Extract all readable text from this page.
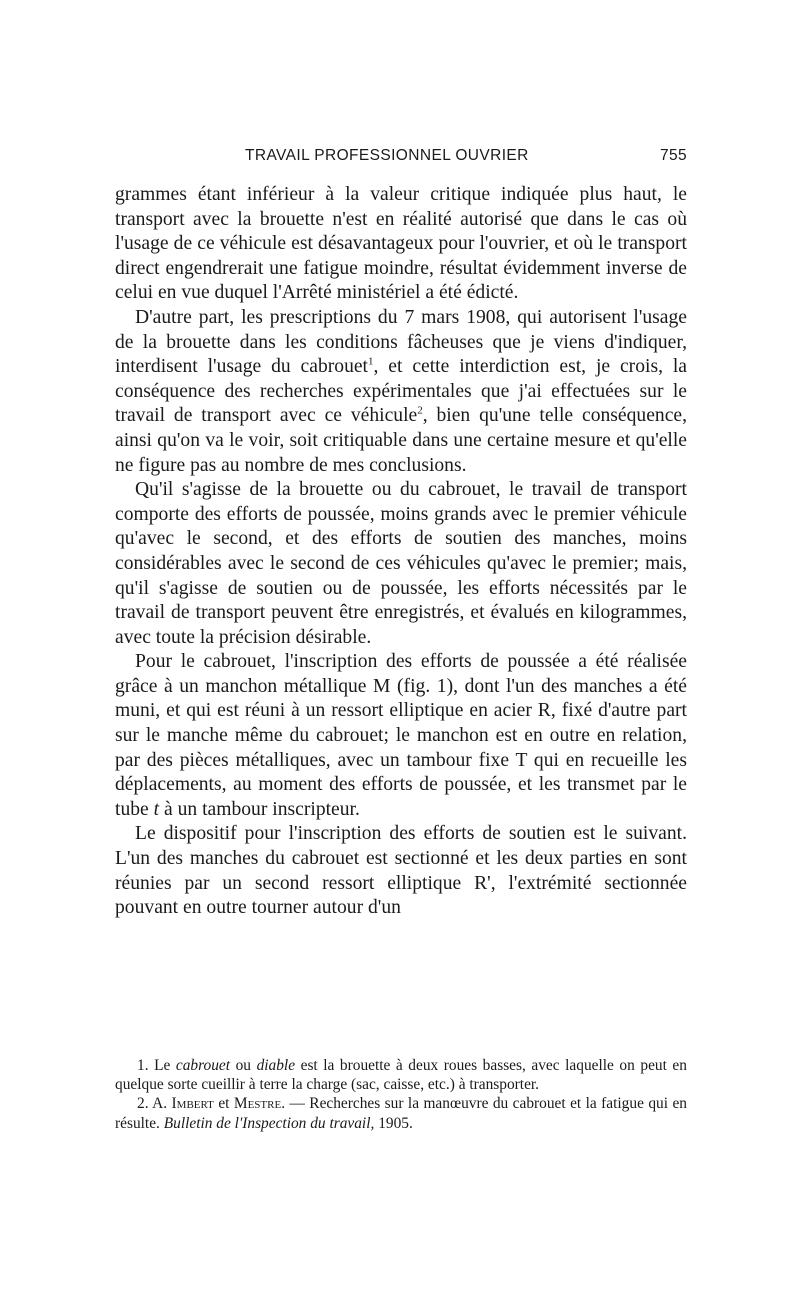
TRAVAIL PROFESSIONNEL OUVRIER	755

grammes étant inférieur à la valeur critique indiquée plus haut, le transport avec la brouette n'est en réalité autorisé que dans le cas où l'usage de ce véhicule est désavantageux pour l'ouvrier, et où le transport direct engendrerait une fatigue moindre, résultat évidemment inverse de celui en vue duquel l'Arrêté ministériel a été édicté.

D'autre part, les prescriptions du 7 mars 1908, qui autorisent l'usage de la brouette dans les conditions fâcheuses que je viens d'indiquer, interdisent l'usage du cabrouet$^1$, et cette interdiction est, je crois, la conséquence des recherches expérimentales que j'ai effectuées sur le travail de transport avec ce véhicule$^2$, bien qu'une telle conséquence, ainsi qu'on va le voir, soit critiquable dans une certaine mesure et qu'elle ne figure pas au nombre de mes conclusions.

Qu'il s'agisse de la brouette ou du cabrouet, le travail de transport comporte des efforts de poussée, moins grands avec le premier véhicule qu'avec le second, et des efforts de soutien des manches, moins considérables avec le second de ces véhicules qu'avec le premier; mais, qu'il s'agisse de soutien ou de poussée, les efforts nécessités par le travail de transport peuvent être enregistrés, et évalués en kilogrammes, avec toute la précision désirable.

Pour le cabrouet, l'inscription des efforts de poussée a été réalisée grâce à un manchon métallique M (fig. 1), dont l'un des manches a été muni, et qui est réuni à un ressort elliptique en acier R, fixé d'autre part sur le manche même du cabrouet; le manchon est en outre en relation, par des pièces métalliques, avec un tambour fixe T qui en recueille les déplacements, au moment des efforts de poussée, et les transmet par le tube t à un tambour inscripteur.

Le dispositif pour l'inscription des efforts de soutien est le suivant. L'un des manches du cabrouet est sectionné et les deux parties en sont réunies par un second ressort elliptique R', l'extrémité sectionnée pouvant en outre tourner autour d'un

1. Le cabrouet ou diable est la brouette à deux roues basses, avec laquelle on peut en quelque sorte cueillir à terre la charge (sac, caisse, etc.) à transporter.

2. A. Imbert et Mestre. — Recherches sur la manœuvre du cabrouet et la fatigue qui en résulte. Bulletin de l'Inspection du travail, 1905.
